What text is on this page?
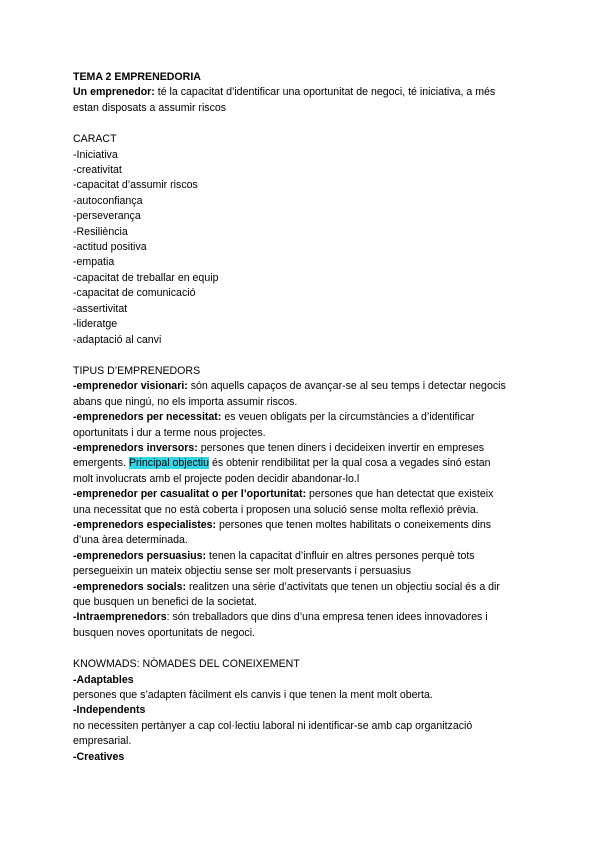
TEMA 2 EMPRENEDORIA

Un emprenedor: té la capacitat d’identificar una oportunitat de negoci, té iniciativa, a més

estan disposats a assumir riscos

CARACT

-Iniciativa

-creativitat

-capacitat d’assumir riscos

-autoconfiança

-perseverança

-Resiliència

-actitud positiva

-empatia

-capacitat de treballar en equip

-capacitat de comunicació

-assertivitat

-lideratge

-adaptació al canvi

TIPUS D’EMPRENEDORS

-emprenedor visionari: són aquells capaços de avançar-se al seu temps i detectar negocis

abans que ningú, no els importa assumir riscos.

-emprenedors per necessitat: es veuen obligats per la circumstàncies a d’identificar

oportunitats i dur a terme nous projectes.

-emprenedors inversors: persones que tenen diners i decideixen invertir en empreses

emergents. Principal objectiu és obtenir rendibilitat per la qual cosa a vegades sinó estan

molt involucrats amb el projecte poden decidir abandonar-lo.l

-emprenedor per casualitat o per l’oportunitat: persones que han detectat que existeix

una necessitat que no està coberta i proposen una solució sense molta reflexió prèvia.

-emprenedors especialistes: persones que tenen moltes habilitats o coneixements dins

d’una àrea determinada.

-emprenedors persuasius: tenen la capacitat d’influir en altres persones perquè tots

persegueixin un mateix objectiu sense ser molt preservants i persuasius

-emprenedors socials: realitzen una sèrie d’activitats que tenen un objectiu social és a dir

que busquen un benefici de la societat.

-Intraemprenedors: són treballadors que dins d’una empresa tenen idees innovadores i

busquen noves oportunitats de negoci.

KNOWMADS: NÒMADES DEL CONEIXEMENT

-Adaptables

persones que s’adapten fàcilment els canvis i que tenen la ment molt oberta.

-Independents

no necessiten pertànyer a cap col·lectiu laboral ni identificar-se amb cap organització

empresarial.

-Creatives
